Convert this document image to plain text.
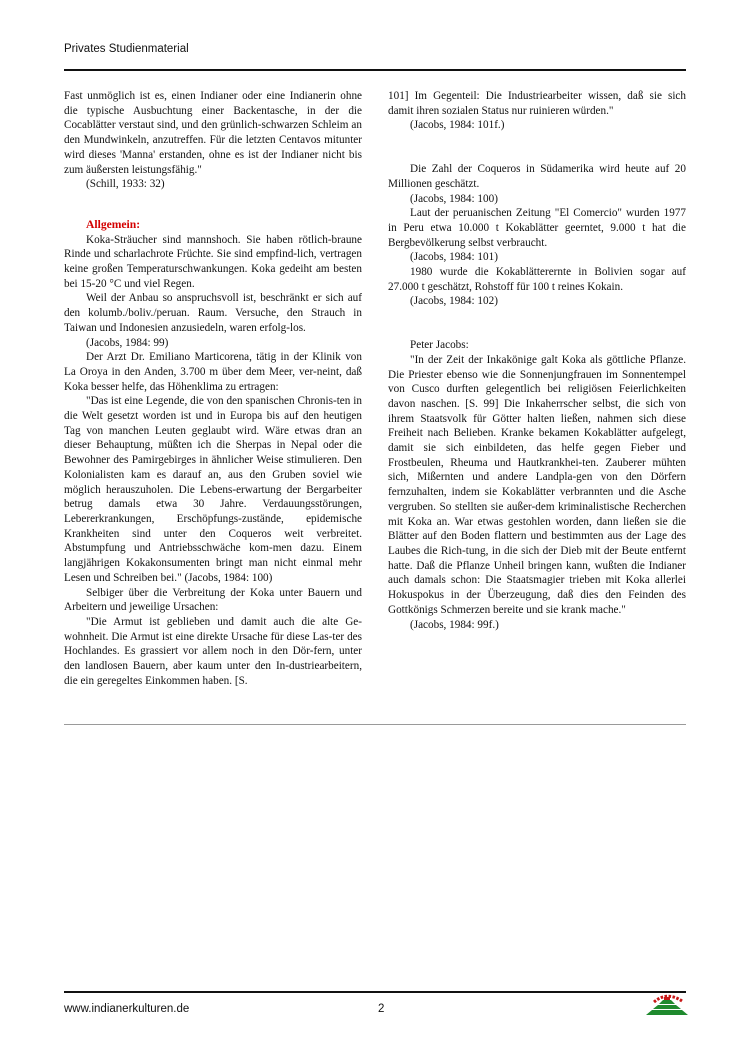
Privates Studienmaterial

Fast unmöglich ist es, einen Indianer oder eine Indianerin ohne die typische Ausbuchtung einer Backentasche, in der die Cocablätter verstaut sind, und den grünlich-schwarzen Schleim an den Mundwinkeln, anzutreffen. Für die letzten Centavos mitunter wird dieses 'Manna' erstanden, ohne es ist der Indianer nicht bis zum äußersten leistungsfähig."

(Schill, 1933: 32)

Allgemein:

Koka-Sträucher sind mannshoch. Sie haben rötlich-braune Rinde und scharlachrote Früchte. Sie sind empfind-lich, vertragen keine großen Temperaturschwankungen. Koka gedeiht am besten bei 15-20 °C und viel Regen.

Weil der Anbau so anspruchsvoll ist, beschränkt er sich auf den kolumb./boliv./peruan. Raum. Versuche, den Strauch in Taiwan und Indonesien anzusiedeln, waren erfolg-los.

(Jacobs, 1984: 99)

Der Arzt Dr. Emiliano Marticorena, tätig in der Klinik von La Oroya in den Anden, 3.700 m über dem Meer, ver-neint, daß Koka besser helfe, das Höhenklima zu ertragen:

"Das ist eine Legende, die von den spanischen Chronis-ten in die Welt gesetzt worden ist und in Europa bis auf den heutigen Tag von manchen Leuten geglaubt wird. Wäre etwas dran an dieser Behauptung, müßten ich die Sherpas in Nepal oder die Bewohner des Pamirgebirges in ähnlicher Weise stimulieren. Den Kolonialisten kam es darauf an, aus den Gruben soviel wie möglich herauszuholen. Die Lebens-erwartung der Bergarbeiter betrug damals etwa 30 Jahre. Verdauungsstörungen, Lebererkrankungen, Erschöpfungs-zustände, epidemische Krankheiten sind unter den Coqueros weit verbreitet. Abstumpfung und Antriebsschwäche kom-men dazu. Einem langjährigen Kokakonsumenten bringt man nicht einmal mehr Lesen und Schreiben bei." (Jacobs, 1984: 100)

Selbiger über die Verbreitung der Koka unter Bauern und Arbeitern und jeweilige Ursachen:

"Die Armut ist geblieben und damit auch die alte Ge-wohnheit. Die Armut ist eine direkte Ursache für diese Las-ter des Hochlandes. Es grassiert vor allem noch in den Dör-fern, unter den landlosen Bauern, aber kaum unter den In-dustriearbeitern, die ein geregeltes Einkommen haben. [S.

101] Im Gegenteil: Die Industriearbeiter wissen, daß sie sich damit ihren sozialen Status nur ruinieren würden."

(Jacobs, 1984: 101f.)

Die Zahl der Coqueros in Südamerika wird heute auf 20 Millionen geschätzt.

(Jacobs, 1984: 100)

Laut der peruanischen Zeitung "El Comercio" wurden 1977 in Peru etwa 10.000 t Kokablätter geerntet, 9.000 t hat die Bergbevölkerung selbst verbraucht.

(Jacobs, 1984: 101)

1980 wurde die Kokablätterernte in Bolivien sogar auf 27.000 t geschätzt, Rohstoff für 100 t reines Kokain.

(Jacobs, 1984: 102)

Peter Jacobs:

"In der Zeit der Inkakönige galt Koka als göttliche Pflanze. Die Priester ebenso wie die Sonnenjungfrauen im Sonnentempel von Cusco durften gelegentlich bei religiösen Feierlichkeiten davon naschen. [S. 99] Die Inkaherrscher selbst, die sich von ihrem Staatsvolk für Götter halten ließen, nahmen sich diese Freiheit nach Belieben. Kranke bekamen Kokablätter aufgelegt, damit sie sich einbildeten, das helfe gegen Fieber und Frostbeulen, Rheuma und Hautkrankhei-ten. Zauberer mühten sich, Mißernten und andere Landpla-gen von den Dörfern fernzuhalten, indem sie Kokablätter verbrannten und die Asche vergruben. So stellten sie außer-dem kriminalistische Recherchen mit Koka an. War etwas gestohlen worden, dann ließen sie die Blätter auf den Boden flattern und bestimmten aus der Lage des Laubes die Rich-tung, in die sich der Dieb mit der Beute entfernt hatte. Daß die Pflanze Unheil bringen kann, wußten die Indianer auch damals schon: Die Staatsmagier trieben mit Koka allerlei Hokuspokus in der Überzeugung, daß dies den Feinden des Gottkönigs Schmerzen bereite und sie krank mache."

(Jacobs, 1984: 99f.)

www.indianerkulturen.de	2
